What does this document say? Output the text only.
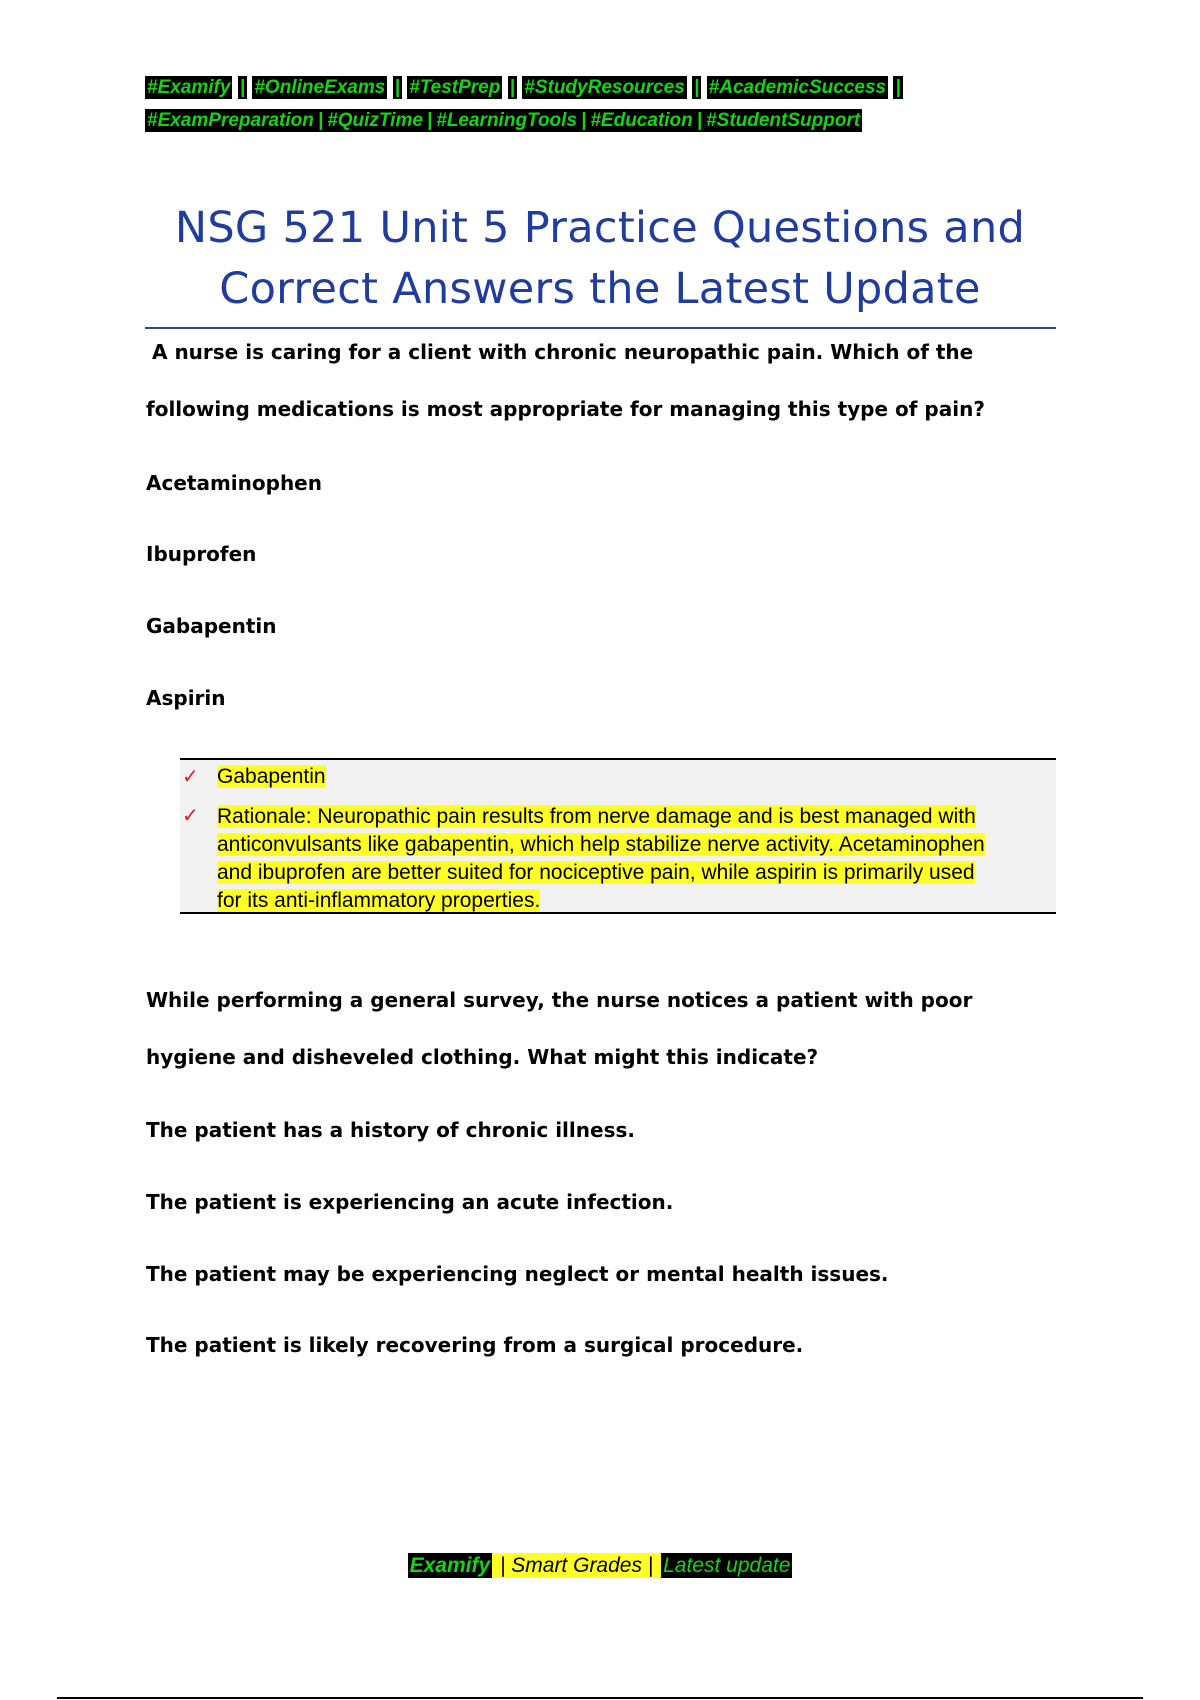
#Examify | #OnlineExams | #TestPrep | #StudyResources | #AcademicSuccess |
#ExamPreparation | #QuizTime | #LearningTools | #Education | #StudentSupport
NSG 521 Unit 5 Practice Questions and
Correct Answers the Latest Update
A nurse is caring for a client with chronic neuropathic pain. Which of the
following medications is most appropriate for managing this type of pain?
Acetaminophen
Ibuprofen
Gabapentin
Aspirin
✓ Gabapentin
✓ Rationale: Neuropathic pain results from nerve damage and is best managed with
anticonvulsants like gabapentin, which help stabilize nerve activity. Acetaminophen
and ibuprofen are better suited for nociceptive pain, while aspirin is primarily used
for its anti-inflammatory properties.
While performing a general survey, the nurse notices a patient with poor
hygiene and disheveled clothing. What might this indicate?
The patient has a history of chronic illness.
The patient is experiencing an acute infection.
The patient may be experiencing neglect or mental health issues.
The patient is likely recovering from a surgical procedure.
Examify | Smart Grades | Latest update
